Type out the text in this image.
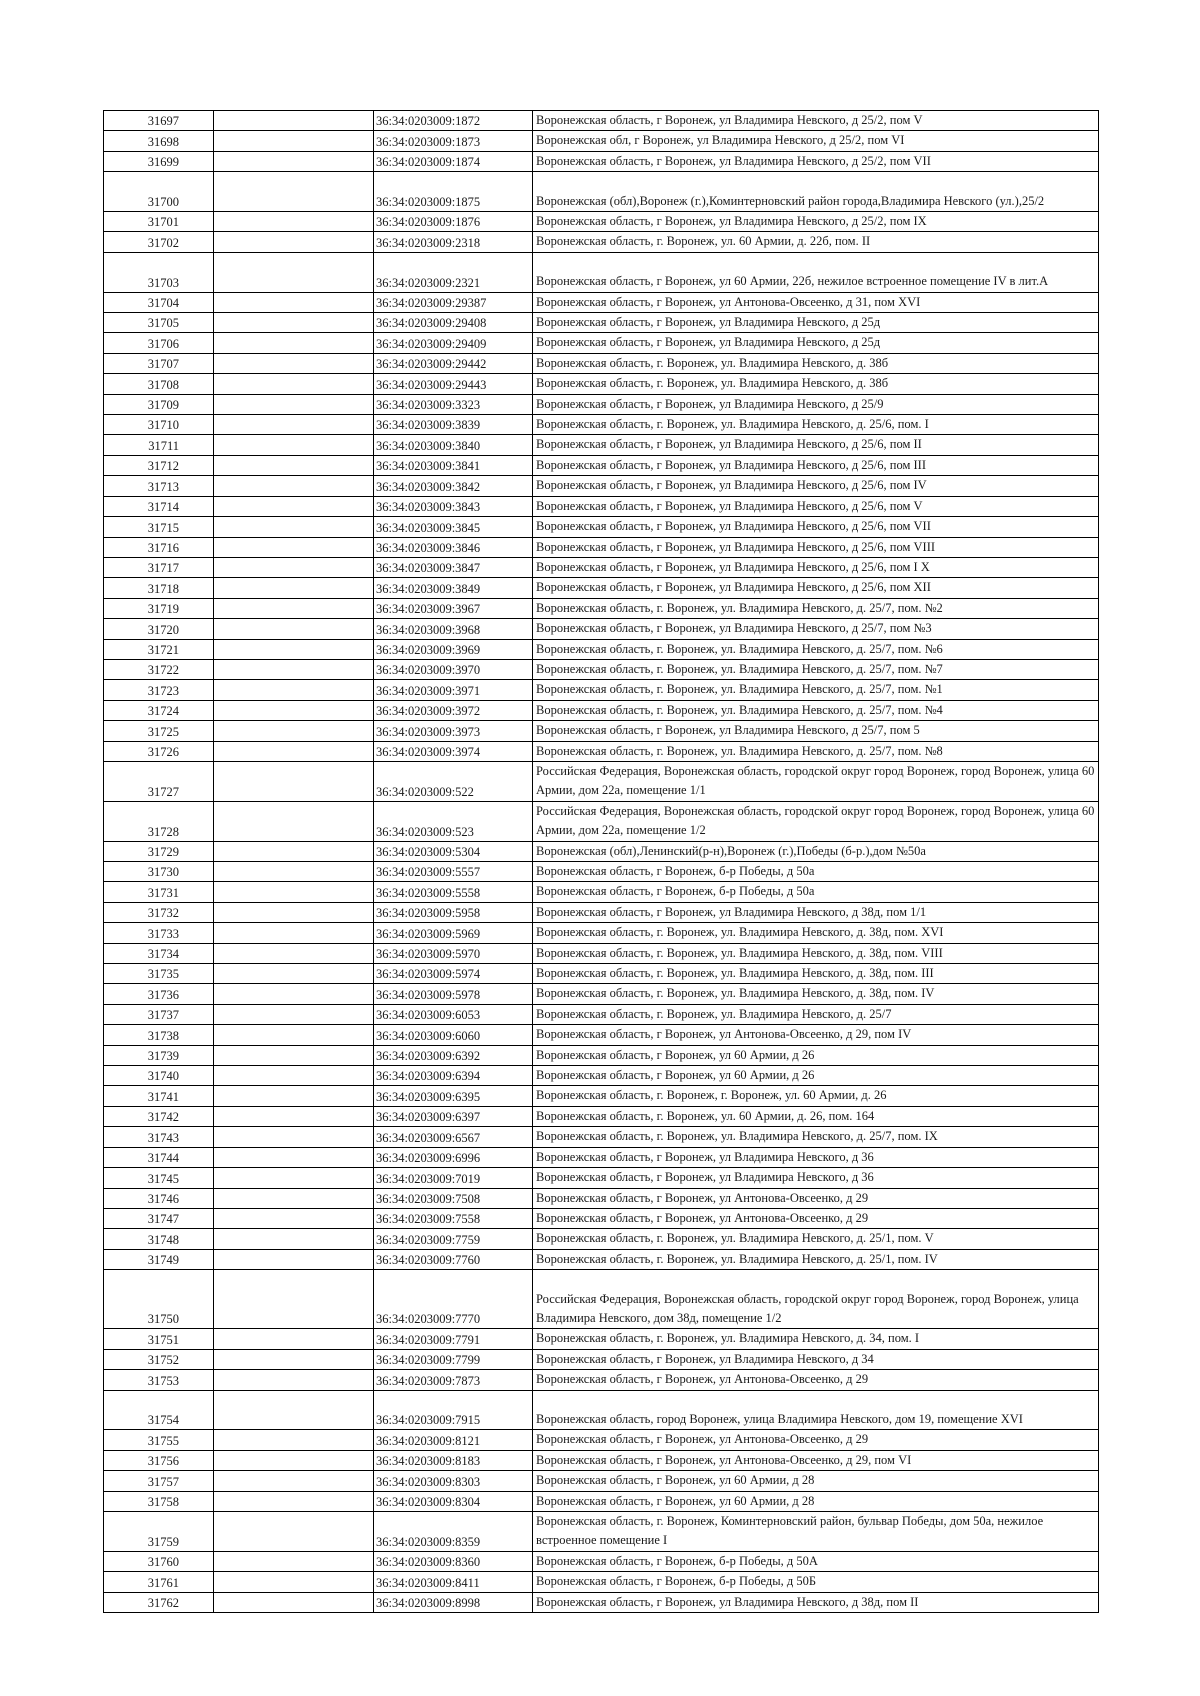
31697		36:34:0203009:1872	Воронежская область, г Воронеж, ул Владимира Невского, д 25/2, пом V
31698		36:34:0203009:1873	Воронежская обл, г Воронеж, ул Владимира Невского, д 25/2, пом VI
31699		36:34:0203009:1874	Воронежская область, г Воронеж, ул Владимира Невского, д 25/2, пом VII
31700		36:34:0203009:1875	Воронежская (обл),Воронеж (г.),Коминтерновский район города,Владимира Невского (ул.),25/2
31701		36:34:0203009:1876	Воронежская область, г Воронеж, ул Владимира Невского, д 25/2, пом IX
31702		36:34:0203009:2318	Воронежская область, г. Воронеж, ул. 60 Армии, д. 22б, пом. II
31703		36:34:0203009:2321	Воронежская область, г Воронеж, ул 60 Армии, 22б, нежилое встроенное помещение IV в лит.А
31704		36:34:0203009:29387	Воронежская область, г Воронеж, ул Антонова-Овсеенко, д 31, пом XVI
31705		36:34:0203009:29408	Воронежская область, г Воронеж, ул Владимира Невского, д 25д
31706		36:34:0203009:29409	Воронежская область, г Воронеж, ул Владимира Невского, д 25д
31707		36:34:0203009:29442	Воронежская область, г. Воронеж, ул. Владимира Невского, д. 38б
31708		36:34:0203009:29443	Воронежская область, г. Воронеж, ул. Владимира Невского, д. 38б
31709		36:34:0203009:3323	Воронежская область, г Воронеж, ул Владимира Невского, д 25/9
31710		36:34:0203009:3839	Воронежская область, г. Воронеж, ул. Владимира Невского, д. 25/6, пом. I
31711		36:34:0203009:3840	Воронежская область, г Воронеж, ул Владимира Невского, д 25/6, пом II
31712		36:34:0203009:3841	Воронежская область, г Воронеж, ул Владимира Невского, д 25/6, пом III
31713		36:34:0203009:3842	Воронежская область, г Воронеж, ул Владимира Невского, д 25/6, пом IV
31714		36:34:0203009:3843	Воронежская область, г Воронеж, ул Владимира Невского, д 25/6, пом V
31715		36:34:0203009:3845	Воронежская область, г Воронеж, ул Владимира Невского, д 25/6, пом VII
31716		36:34:0203009:3846	Воронежская область, г Воронеж, ул Владимира Невского, д 25/6, пом VIII
31717		36:34:0203009:3847	Воронежская область, г Воронеж, ул Владимира Невского, д 25/6, пом I X
31718		36:34:0203009:3849	Воронежская область, г Воронеж, ул Владимира Невского, д 25/6, пом XII
31719		36:34:0203009:3967	Воронежская область, г. Воронеж, ул. Владимира Невского, д. 25/7, пом. №2
31720		36:34:0203009:3968	Воронежская область, г Воронеж, ул Владимира Невского, д 25/7, пом №3
31721		36:34:0203009:3969	Воронежская область, г. Воронеж, ул. Владимира Невского, д. 25/7, пом. №6
31722		36:34:0203009:3970	Воронежская область, г. Воронеж, ул. Владимира Невского, д. 25/7, пом. №7
31723		36:34:0203009:3971	Воронежская область, г. Воронеж, ул. Владимира Невского, д. 25/7, пом. №1
31724		36:34:0203009:3972	Воронежская область, г. Воронеж, ул. Владимира Невского, д. 25/7, пом. №4
31725		36:34:0203009:3973	Воронежская область, г Воронеж, ул Владимира Невского, д 25/7, пом 5
31726		36:34:0203009:3974	Воронежская область, г. Воронеж, ул. Владимира Невского, д. 25/7, пом. №8
31727		36:34:0203009:522	Российская Федерация, Воронежская область, городской округ город Воронеж, город Воронеж, улица 60 Армии, дом 22а, помещение 1/1
31728		36:34:0203009:523	Российская Федерация, Воронежская область, городской округ город Воронеж, город Воронеж, улица 60 Армии, дом 22а, помещение 1/2
31729		36:34:0203009:5304	Воронежская (обл),Ленинский(р-н),Воронеж (г.),Победы (б-р.),дом №50а
31730		36:34:0203009:5557	Воронежская область, г Воронеж, б-р Победы, д 50а
31731		36:34:0203009:5558	Воронежская область, г Воронеж, б-р Победы, д 50а
31732		36:34:0203009:5958	Воронежская область, г Воронеж, ул Владимира Невского, д 38д, пом 1/1
31733		36:34:0203009:5969	Воронежская область, г. Воронеж, ул. Владимира Невского, д. 38д, пом. XVI
31734		36:34:0203009:5970	Воронежская область, г. Воронеж, ул. Владимира Невского, д. 38д, пом. VIII
31735		36:34:0203009:5974	Воронежская область, г. Воронеж, ул. Владимира Невского, д. 38д, пом. III
31736		36:34:0203009:5978	Воронежская область, г. Воронеж, ул. Владимира Невского, д. 38д, пом. IV
31737		36:34:0203009:6053	Воронежская область, г. Воронеж, ул. Владимира Невского, д. 25/7
31738		36:34:0203009:6060	Воронежская область, г Воронеж, ул Антонова-Овсеенко, д 29, пом IV
31739		36:34:0203009:6392	Воронежская область, г Воронеж, ул 60 Армии, д 26
31740		36:34:0203009:6394	Воронежская область, г Воронеж, ул 60 Армии, д 26
31741		36:34:0203009:6395	Воронежская область, г. Воронеж, г. Воронеж, ул. 60 Армии, д. 26
31742		36:34:0203009:6397	Воронежская область, г. Воронеж, ул. 60 Армии, д. 26, пом. 164
31743		36:34:0203009:6567	Воронежская область, г. Воронеж, ул. Владимира Невского, д. 25/7, пом. IX
31744		36:34:0203009:6996	Воронежская область, г Воронеж, ул Владимира Невского, д 36
31745		36:34:0203009:7019	Воронежская область, г Воронеж, ул Владимира Невского, д 36
31746		36:34:0203009:7508	Воронежская область, г Воронеж, ул Антонова-Овсеенко, д 29
31747		36:34:0203009:7558	Воронежская область, г Воронеж, ул Антонова-Овсеенко, д 29
31748		36:34:0203009:7759	Воронежская область, г. Воронеж, ул. Владимира Невского, д. 25/1, пом. V
31749		36:34:0203009:7760	Воронежская область, г. Воронеж, ул. Владимира Невского, д. 25/1, пом. IV
31750		36:34:0203009:7770	Российская Федерация, Воронежская область, городской округ город Воронеж, город Воронеж, улица Владимира Невского, дом 38д, помещение 1/2
31751		36:34:0203009:7791	Воронежская область, г. Воронеж, ул. Владимира Невского, д. 34, пом. I
31752		36:34:0203009:7799	Воронежская область, г Воронеж, ул Владимира Невского, д 34
31753		36:34:0203009:7873	Воронежская область, г Воронеж, ул Антонова-Овсеенко, д 29
31754		36:34:0203009:7915	Воронежская область, город Воронеж, улица Владимира Невского, дом 19, помещение XVI
31755		36:34:0203009:8121	Воронежская область, г Воронеж, ул Антонова-Овсеенко, д 29
31756		36:34:0203009:8183	Воронежская область, г Воронеж, ул Антонова-Овсеенко, д 29, пом VI
31757		36:34:0203009:8303	Воронежская область, г Воронеж, ул 60 Армии, д 28
31758		36:34:0203009:8304	Воронежская область, г Воронеж, ул 60 Армии, д 28
31759		36:34:0203009:8359	Воронежская область, г. Воронеж, Коминтерновский район, бульвар Победы, дом 50а, нежилое встроенное помещение I
31760		36:34:0203009:8360	Воронежская область, г Воронеж, б-р Победы, д 50А
31761		36:34:0203009:8411	Воронежская область, г Воронеж, б-р Победы, д 50Б
31762		36:34:0203009:8998	Воронежская область, г Воронеж, ул Владимира Невского, д 38д, пом II
